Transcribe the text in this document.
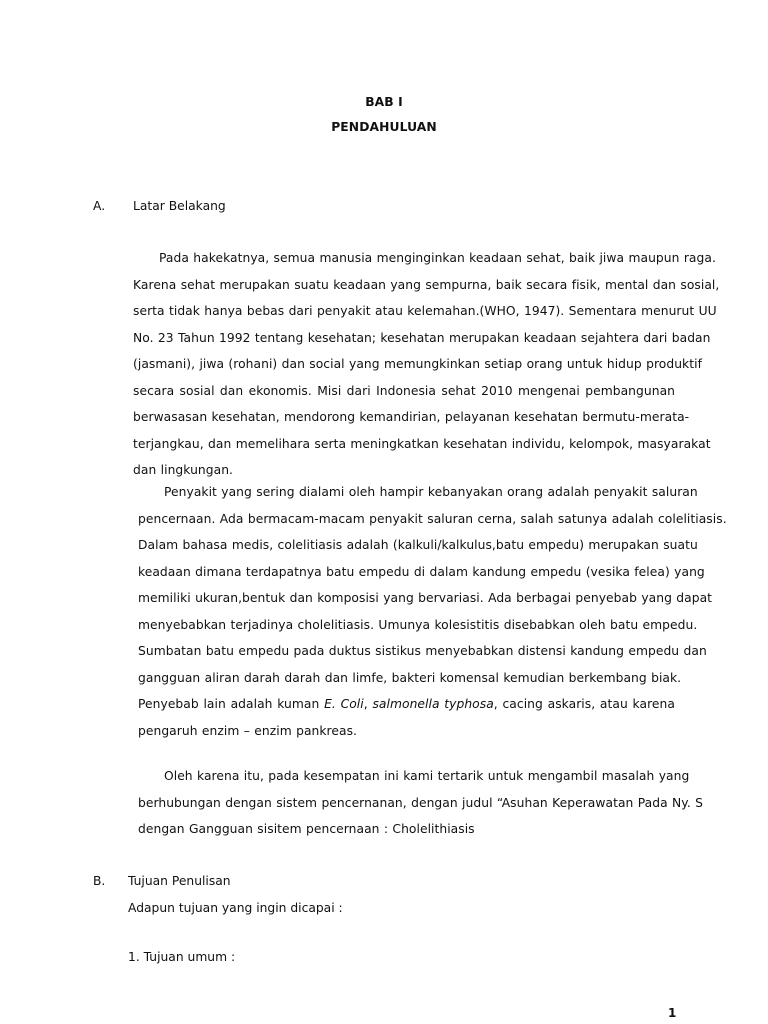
BAB I
PENDAHULUAN
A. Latar Belakang
Pada hakekatnya, semua manusia menginginkan keadaan sehat, baik jiwa maupun raga.
Karena sehat merupakan suatu keadaan yang sempurna, baik secara fisik, mental dan sosial,
serta tidak hanya bebas dari penyakit atau kelemahan.(WHO, 1947). Sementara menurut UU
No. 23 Tahun 1992 tentang kesehatan; kesehatan merupakan keadaan sejahtera dari badan
(jasmani), jiwa (rohani) dan social yang memungkinkan setiap orang untuk hidup produktif
secara sosial dan ekonomis. Misi dari Indonesia sehat 2010 mengenai pembangunan
berwasasan kesehatan, mendorong kemandirian, pelayanan kesehatan bermutu-merata-
terjangkau, dan memelihara serta meningkatkan kesehatan individu, kelompok, masyarakat
dan lingkungan.
Penyakit yang sering dialami oleh hampir kebanyakan orang adalah penyakit saluran
pencernaan. Ada bermacam-macam penyakit saluran cerna, salah satunya adalah colelitiasis.
Dalam bahasa medis, colelitiasis adalah (kalkuli/kalkulus,batu empedu) merupakan suatu
keadaan dimana terdapatnya batu empedu di dalam kandung empedu (vesika felea) yang
memiliki ukuran,bentuk dan komposisi yang bervariasi. Ada berbagai penyebab yang dapat
menyebabkan terjadinya cholelitiasis. Umunya kolesistitis disebabkan oleh batu empedu.
Sumbatan batu empedu pada duktus sistikus menyebabkan distensi kandung empedu dan
gangguan aliran darah darah dan limfe, bakteri komensal kemudian berkembang biak.
Penyebab lain adalah kuman E. Coli, salmonella typhosa, cacing askaris, atau karena
pengaruh enzim – enzim pankreas.
Oleh karena itu, pada kesempatan ini kami tertarik untuk mengambil masalah yang
berhubungan dengan sistem pencernanan, dengan judul “Asuhan Keperawatan Pada Ny. S
dengan Gangguan sisitem pencernaan : Cholelithiasis
B. Tujuan Penulisan
Adapun tujuan yang ingin dicapai :
1. Tujuan umum :
1
